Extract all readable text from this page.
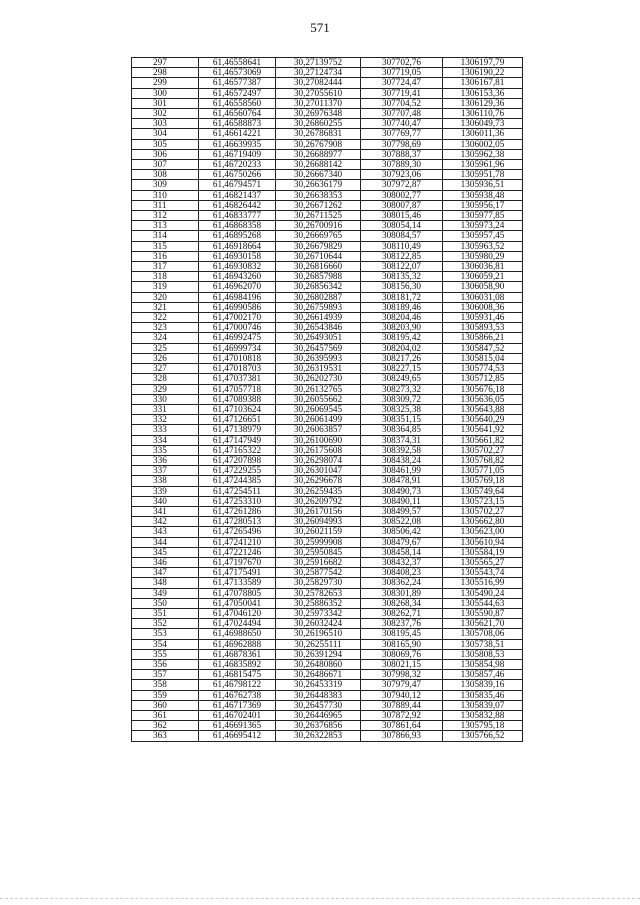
571
297	61,46558641	30,27139752	307702,76	1306197,79
298	61,46573069	30,27124734	307719,05	1306190,22
299	61,46577387	30,27082444	307724,47	1306167,81
300	61,46572497	30,27055610	307719,41	1306153,36
301	61,46558560	30,27011370	307704,52	1306129,36
302	61,46560764	30,26976348	307707,48	1306110,76
303	61,46588873	30,26860255	307740,47	1306049,73
304	61,46614221	30,26786831	307769,77	1306011,36
305	61,46639935	30,26767908	307798,69	1306002,05
306	61,46719409	30,26688977	307888,37	1305962,38
307	61,46720233	30,26688142	307889,30	1305961,96
308	61,46750266	30,26667340	307923,06	1305951,78
309	61,46794571	30,26636179	307972,87	1305936,51
310	61,46821437	30,26638353	308002,77	1305938,48
311	61,46826442	30,26671262	308007,87	1305956,17
312	61,46833777	30,26711525	308015,46	1305977,85
313	61,46868358	30,26700916	308054,14	1305973,24
314	61,46895268	30,26669765	308084,57	1305957,45
315	61,46918664	30,26679829	308110,49	1305963,52
316	61,46930158	30,26710644	308122,85	1305980,29
317	61,46930832	30,26816660	308122,07	1306036,81
318	61,46943260	30,26857988	308135,32	1306059,21
319	61,46962070	30,26856342	308156,30	1306058,90
320	61,46984196	30,26802887	308181,72	1306031,08
321	61,46990586	30,26759893	308189,46	1306008,36
322	61,47002170	30,26614939	308204,46	1305931,46
323	61,47000746	30,26543846	308203,90	1305893,53
324	61,46992475	30,26493051	308195,42	1305866,21
325	61,46999734	30,26457569	308204,02	1305847,52
326	61,47010818	30,26395993	308217,26	1305815,04
327	61,47018703	30,26319531	308227,15	1305774,53
328	61,47037381	30,26202730	308249,65	1305712,85
329	61,47057718	30,26132765	308273,32	1305676,18
330	61,47089388	30,26055662	308309,72	1305636,05
331	61,47103624	30,26069545	308325,38	1305643,88
332	61,47126651	30,26061499	308351,15	1305640,29
333	61,47138979	30,26063857	308364,85	1305641,92
334	61,47147949	30,26100690	308374,31	1305661,82
335	61,47165322	30,26175608	308392,58	1305702,27
336	61,47207898	30,26298074	308438,24	1305768,82
337	61,47229255	30,26301047	308461,99	1305771,05
338	61,47244385	30,26296678	308478,91	1305769,18
339	61,47254511	30,26259435	308490,73	1305749,64
340	61,47253310	30,26209792	308490,11	1305723,15
341	61,47261286	30,26170156	308499,57	1305702,27
342	61,47280513	30,26094993	308522,08	1305662,80
343	61,47265496	30,26021159	308506,42	1305623,00
344	61,47241210	30,25999908	308479,67	1305610,94
345	61,47221246	30,25950845	308458,14	1305584,19
346	61,47197670	30,25916682	308432,37	1305565,27
347	61,47175491	30,25877542	308408,23	1305543,74
348	61,47133589	30,25829730	308362,24	1305516,99
349	61,47078805	30,25782653	308301,89	1305490,24
350	61,47050041	30,25886352	308268,34	1305544,63
351	61,47046120	30,25973342	308262,71	1305590,87
352	61,47024494	30,26032424	308237,76	1305621,70
353	61,46988650	30,26196510	308195,45	1305708,06
354	61,46962888	30,26255111	308165,90	1305738,51
355	61,46878361	30,26391294	308069,76	1305808,53
356	61,46835892	30,26480860	308021,15	1305854,98
357	61,46815475	30,26486671	307998,32	1305857,46
358	61,46798122	30,26453319	307979,47	1305839,16
359	61,46762738	30,26448383	307940,12	1305835,46
360	61,46717369	30,26457730	307889,44	1305839,07
361	61,46702401	30,26446965	307872,92	1305832,88
362	61,46691365	30,26376856	307861,64	1305795,18
363	61,46695412	30,26322853	307866,93	1305766,52
